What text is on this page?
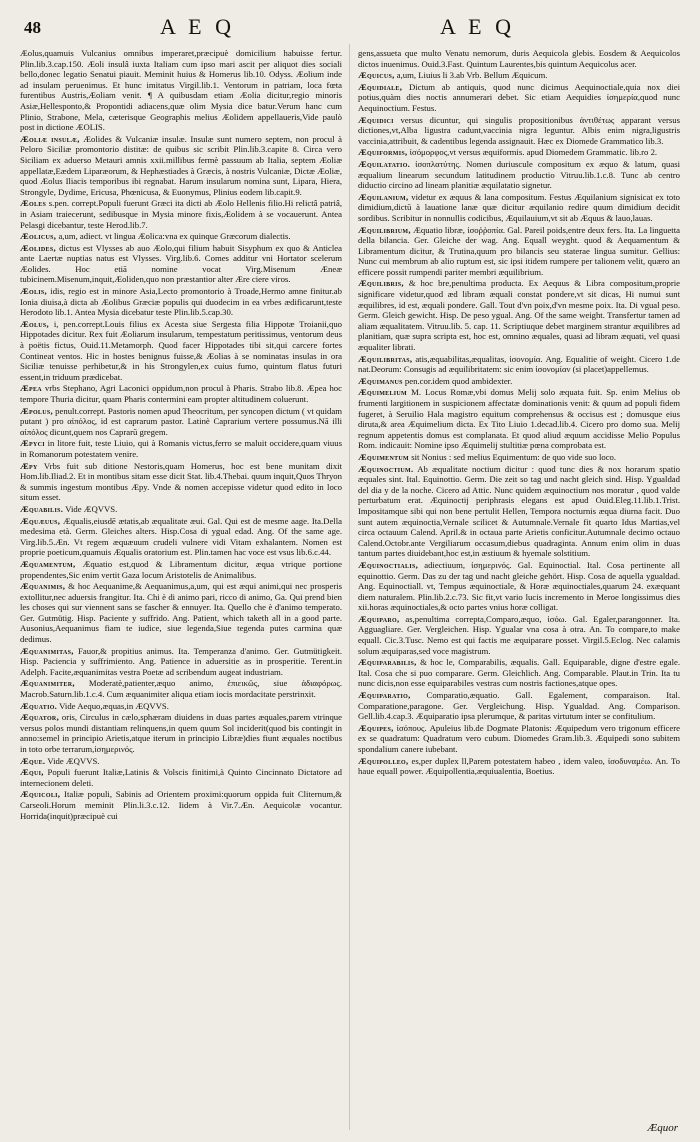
48	A E Q	A E Q

Æolus,quamuis Vulcanius omnibus imperaret,præcipuè domicilium habuisse fertur. Plin.lib.3.cap.150. Æoli insulâ iuxta Italiam cum ipso mari ascit per aliquot dies sociali bello,donec legatio Senatui piauit. Meminit huius & Homerus lib.10. Odyss. Æolium inde ad insulam peruenimus. Et hunc imitatus Virgil.lib.1. Ventorum in patriam, loca fœta furentibus Austris,Æoliam venit. ¶ A quibusdam etiam Æolia dicitur,regio minoris Asiæ,Hellesponto,& Propontidi adiacens,quæ olim Mysia dice batur.Verum hanc cum Plinio, Strabone, Mela, cæterisque Geographis melius Æolidem appellaueris,Vide paulò post in dictione ÆOLIS.

Æoliæ insulæ, Æolides & Vulcaniæ insulæ. Insulæ sunt numero septem, non procul à Peloro Siciliæ promontorio distitæ: de quibus sic scribit Plin.lib.3.capite 8. Circa vero Siciliam ex aduerso Metauri amnis xxii.millibus fermè passuum ab Italia, septem Æoliæ appellatæ,Eædem Liparæorum, & Hephæstiades à Græcis, à nostris Vulcaniæ, Dictæ Æoliæ, quod Æolus Iliacis temporibus ibi regnabat. Harum insularum nomina sunt, Lipara, Hiera, Strongyle, Dydime, Ericusa, Phœnicusa, & Euonymus, Plinius eodem lib.capit.9.

Æoles s.pen. corrept.Populi fuerunt Græci ita dicti ab Æolo Hellenis filio.Hi relictâ patriâ, in Asiam traiecerunt, sedibusque in Mysia minore fixis,Æolidem à se vocauerunt. Antea Pelasgi dicebantur, teste Herod.lib.7.

Æolicus, a,um, adiect. vt lingua Æolica:vna ex quinque Græcorum dialectis.

Æolides, dictus est Vlysses ab auo Æolo,qui filium habuit Sisyphum ex quo & Anticlea ante Laertæ nuptias natus est Vlysses. Virg.lib.6. Comes additur vni Hortator scelerum Æolides. Hoc etiā nomine vocat Virg.Misenum Æneæ tubicinem.Misenum,inquit,Æoliden,quo non præstantior alter Ære ciere viros.

Æolis, idis, regio est in minore Asia,Lecto promontorio à Troade,Hermo amne finitur.ab Ionia diuisa,à dicta ab Æolibus Græciæ populis qui duodecim in ea vrbes ædificarunt,teste Herodoto lib.1. Antea Mysia dicebatur teste Plin.lib.5.cap.30.

Æolus, i, pen.corrept.Louis filius ex Acesta siue Sergesta filia Hippotæ Troianii,quo Hippotades dicitur. Rex fuit Æoliarum insularum, tempestatum peritissimus, ventorum deus à poëtis fictus, Ouid.11.Metamorph. Quod facer Hippotades tibi sit,qui carcere fortes Contineat ventos. Hic in hostes benignus fuisse,& Æolias à se nominatas insulas in ora Siciliæ tenuisse perhibetur,& in his Strongylen,ex cuius fumo, quintum flatus futuri essent,in triduum prædicebat.

Æpea vrbs Stephano, Agri Laconici oppidum,non procul à Pharis. Strabo lib.8. Æpea hoc tempore Thuria dicitur, quam Pharis contermini eam propter altitudinem coluerunt.

Æpolus, penult.corrept. Pastoris nomen apud Theocritum, per syncopen dictum ( vt quidam putant ) pro αἰπόλος, id est caprarum pastor. Latinè Caprarium vertere possumus.Nā illi αἰπόλος dicunt,quem nos Caprarū gregem.

Æpyci in litore fuit, teste Liuio, qui à Romanis victus,ferro se maluit occidere,quam viuus in Romanorum potestatem venire.

Æpy Vrbs fuit sub ditione Nestoris,quam Homerus, hoc est bene munitam dixit Hom.lib.Iliad.2. Et in montibus sitam esse dicit Stat. lib.4.Thebai. quum inquit,Quos Thryon & summis ingestum montibus Æpy. Vnde & nomen accepisse videtur quod edito in loco situm esset.

Æquabilis. Vide ÆQVVS.

Æquæuus, Æqualis,eiusdē ætatis,ab æqualitate æui. Gal. Qui est de mesme aage. Ita.Della medesima età. Germ. Gleiches alters. Hisp.Cosa di ygual edad. Ang. Of the same age. Virg.lib.5.Æn. Vt regem æquæuum crudeli vulnere vidi Vitam exhalantem. Nomen est proprie poeticum,quamuis Æqualis oratorium est. Plin.tamen hac voce est vsus lib.6.c.44.

Æquamentum, Æquatio est,quod & Libramentum dicitur, æqua vtrique portione propendentes,Sic enim vertit Gaza locum Aristotelis de Animalibus.

Æquanimis, & hoc Aequanime,& Aequanimus,a,um, qui est æqui animi,qui nec prosperis extollitur,nec aduersis frangitur. Ita. Chi è di animo pari, ricco di animo, Ga. Qui prend bien les choses qui sur viennent sans se fascher & ennuyer. Ita. Quello che è d'animo temperato. Ger. Gutmütig. Hisp. Paciente y suffrido. Ang. Patient, which taketh all in a good parte. Ausonius,Aequanimus fiam te iudice, siue legenda,Siue tegenda putes carmina quæ dedimus.

Æquanimitas, Fauor,& propitius animus. Ita. Temperanza d'animo. Ger. Gutmütigkeit. Hisp. Paciencia y suffrimiento. Ang. Patience in aduersitie as in prosperitie. Terent.in Adelph. Facite,æquanimitas vestra Poetæ ad scribendum augeat industriam.

Æquanimiter, Moderatè,patienter,æquo animo, ἐπιεικῶς, siue ἀδιαφόρως. Macrob.Saturn.lib.1.c.4. Cum æquanimiter aliqua etiam iocis mordacitate perstrinxit.

Æquatio. Vide Aequo,æquas,in ÆQVVS.

Æquator, oris, Circulus in cælo,sphæram diuidens in duas partes æquales,parem vtrinque versus polos mundi distantiam relinquens,in quem quum Sol inciderit(quod bis contingit in anno:semel in principio Arietis,atque iterum in principio Libræ)dies fiunt æquales noctibus in toto orbe terrarum,ἰσημερινός.

Æque. Vide ÆQVVS.

Æqui, Populi fuerunt Italiæ,Latinis & Volscis finitimi,à Quinto Cincinnato Dictatore ad internecionem deleti.

Æquicoli, Italiæ populi, Sabinis ad Orientem proximi:quorum oppida fuit Cliternum,& Carseoli.Horum meminit Plin.li.3.c.12. Iidem à Vir.7.Æn. Aequicolæ vocantur. Horrida(inquit)præcipuè cui

gens,assueta que multo Venatu nemorum, duris Aequicola glebis. Eosdem & Aequicolos dictos inuenimus. Ouid.3.Fast. Quintum Laurentes,bis quintum Aequicolus acer.

Æquicus, a,um, Liuius li 3.ab Vrb. Bellum Æquicum.

Æquidiale, Dictum ab antiquis, quod nunc dicimus Aequinoctiale,quia nox diei potius,quàm dies noctis annumerari debet. Sic etiam Aequidies ἰσημερία,quod nunc Aequinoctium. Festus.

Æquidici versus dicuntur, qui singulis propositionibus ἀντιθέτως apparant versus dictiones,vt,Alba ligustra cadunt,vaccinia nigra leguntur. Albis enim nigra,ligustris vaccinia,attribuit, & cadentibus legenda assignauit. Hæc ex Diomede Grammatico lib.3.

Æquiformis, ἰσόμορφος,vt versus æquiformis. apud Diomedem Grammatic. lib.ro 2.

Æquilatatio. ἰσοπλατύτης. Nomen duriuscule compositum ex æquo & latum, quasi æqualium linearum secundum latitudinem productio Vitruu.lib.1.c.8. Tunc ab centro diductio circino ad lineam planitiæ æquilatatio signetur.

Æquilanium, videtur ex æquus & lana compositum. Festus Æquilanium signisicat ex toto dimidium,dictū à lauatione lanæ quæ dicitur æquilanio redire quum dimidium decidit sordibus. Scribitur in nonnullis codicibus, Æquilauium,vt sit ab Æquus & lauo,lauas.

Æquilibrium, Æquatio libræ, ἰσοῤῥοπία. Gal. Pareil poids,entre deux fers. Ita. La linguetta della bilancia. Ger. Gleiche der wag. Ang. Equall weyght. quod & Aequamentum & Libramentum dicitur, & Trutina,quum pro bilancis seu staterae lingua sumitur. Gellius: Nunc cui membrum ab alio ruptum est, sic ipsi itidem rumpere per talionem velit, quæro an efficere possit rumpendi pariter membri æquilibrium.

Æquilibris, & hoc bre,penultima producta. Ex Aequus & Libra compositum,proprie significare videtur,quod æd libram æquali constat pondere,vt sit dicas, Hi numui sunt æquilibres, id est, æquali pondere. Gall. Tout d'vn poix,d'vn mesme poix. Ita. Di vgual peso. Germ. Gleich gewicht. Hisp. De peso ygual. Ang. Of the same weight. Transfertur tamen ad aliam æqualitatem. Vitruu.lib. 5. cap. 11. Scriptiuque debet marginem strantur æquilibres ad planitiam, quæ supra scripta est, hoc est, omnino æquales, quasi ad libram æquati, vel quasi æqualiter librati.

Æquilibritas, atis,æquabilitas,æqualitas, ἰσονομία. Ang. Equalitie of weight. Cicero 1.de nat.Deorum: Consugis ad æquilibritatem: sic enim ἰσονομίαν (si placet)appellemus.

Æquimanus pen.cor.idem quod ambidexter.

Æquimelium M. Locus Romæ,vbi domus Melij solo æquata fuit. Sp. enim Melius ob frumenti largitionem in suspicionem affectatæ dominationis venit: & quum ad populi fidem fugeret, à Seruilio Hala magistro equitum comprehensus & occisus est ; domusque eius diruta,& area Æquimelium dicta. Ex Tito Liuio 1.decad.lib.4. Cicero pro domo sua. Melij regnum appetentis domus est complanata. Et quod aliud æquum accidisse Melio Populus Rom. indicauit: Nomine ipso Æquimelij stultitiæ pœna comprobata est.

Æquimentum sit Nonius : sed melius Equimentum: de quo vide suo loco.

Æquinoctium. Ab æqualitate noctium dicitur : quod tunc dies & nox horarum spatio æquales sint. Ital. Equinottio. Germ. Die zeit so tag und nacht gleich sind. Hisp. Ygualdad del dia y de la noche. Cicero ad Attic. Nunc quidem æquinoctium nos moratur , quod valde perturbatum erat. Æquinoctij periphrasis elegans est apud Ouid.Eleg.11.lib.1.Trist. Impositamque sibi qui non bene pertulit Hellen, Tempora nocturnis æqua diurna facit. Duo sunt autem æquinoctia,Vernale scilicet & Autumnale.Vernale fit quarto Idus Martias,vel circa octauum Calend. April.& in octaua parte Arietis conficitur.Autumnale decimo octauo Calend.Octobr.ante Vergiliarum occasum,diebus quadraginta. Annum enim olim in duas tantum partes diuidebant,hoc est,in æstiuum & hyemale solstitium.

Æquinoctialis, adiectiuum, ἰσημερινός. Gal. Equinoctial. Ital. Cosa pertinente all equinottio. Germ. Das zu der tag und nacht gleiche gehört. Hisp. Cosa de aquella ygualdad. Ang. Equinoctiall. vt, Tempus æquinoctiale, & Horæ æquinoctiales,quarum 24. exæquant diem naturalem. Plin.lib.2.c.73. Sic fit,vt vario lucis incremento in Meroe longissimus dies xii.horas æquinoctiales,& octo partes vnius horæ colligat.

Æquiparo, as,penultima correpta,Comparo,æquo, ἰσόω. Gal. Egaler,parangonner. Ita. Agguagliare. Ger. Vergleichen. Hisp. Ygualar vna cosa à otra. An. To compare,to make equall. Cic.3.Tusc. Nemo est qui factis me æquiparare posset. Virgil.5.Eclog. Nec calamis solum æquiparas,sed voce magistrum.

Æquiparabilis, & hoc le, Comparabilis, æqualis. Gall. Equiparable, digne d'estre egale. Ital. Cosa che si puo comparare. Germ. Gleichlich. Ang. Comparable. Plaut.in Trin. Ita tu nunc dicis,non esse equiparabiles vestras cum nostris factiones,atque opes.

Æquiparatio, Comparatio,æquatio. Gall. Egalement, comparaison. Ital. Comparatione,paragone. Ger. Vergleichung. Hisp. Ygualdad. Ang. Comparison. Gell.lib.4.cap.3. Æquiparatio ipsa plerumque, & paritas virtutum inter se confitulium.

Æquipes, ἰσόπους. Apuleius lib.de Dogmate Platonis: Æquipedum vero trigonum efficere ex se quadratum: Quadratum vero cubum. Diomedes Gram.lib.3. Æquipedi sono subitem spondalium canere iubebant.

Æquipolleo, es,per duplex ll,Parem potestatem habeo , idem valeo, ἰσοδυναμέω. An. To haue equall power. Æquipollentia,æquiualentia, Boetius.

Æquor
